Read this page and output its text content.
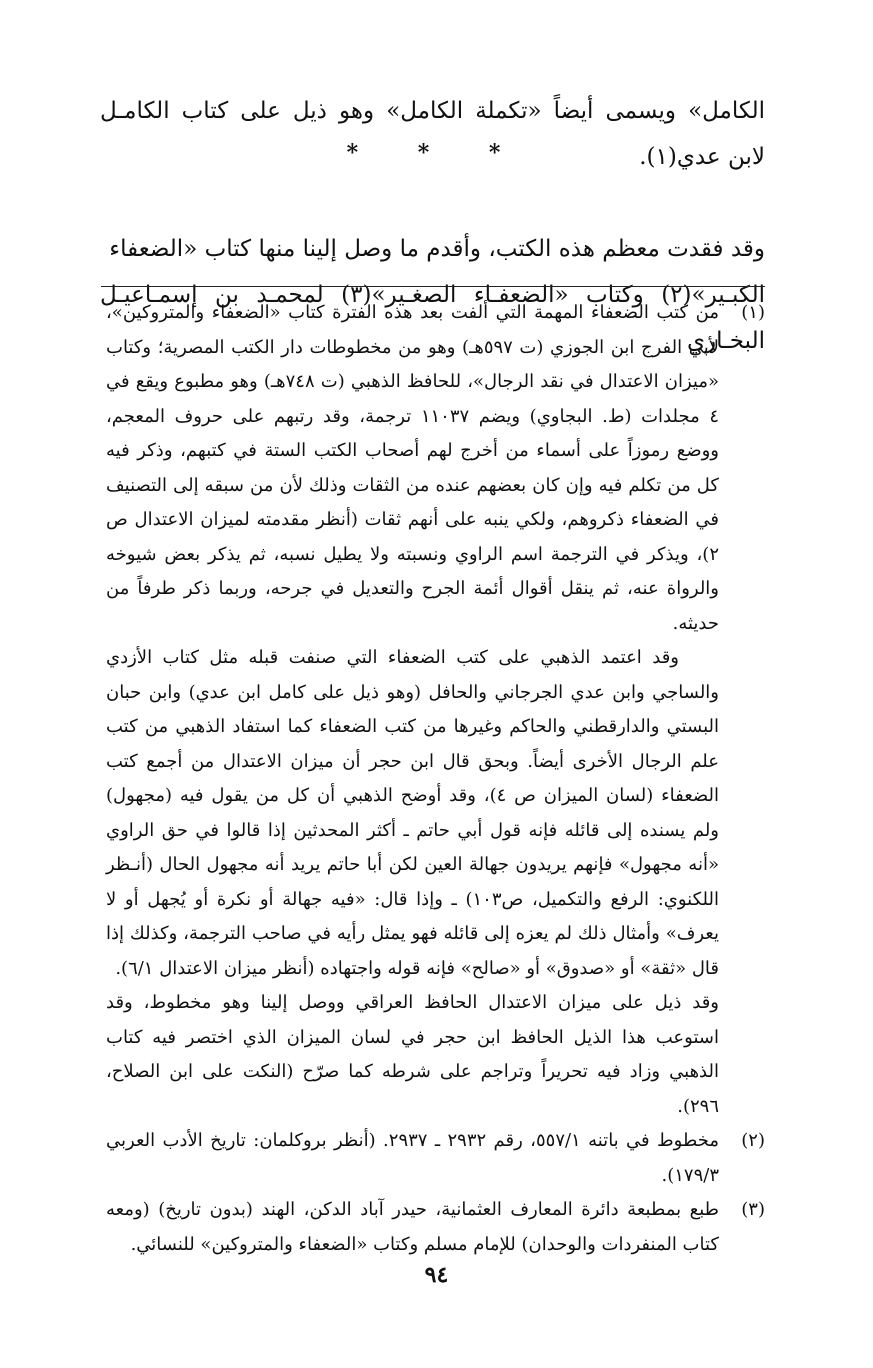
الكامل» ويسمى أيضاً «تكملة الكامل» وهو ذيل على كتاب الكامـل لابن عدي(١).

وقد فقدت معظم هذه الكتب، وأقدم ما وصل إلينا منها كتاب «الضعفاء

الكبـير»(٢) وكتاب «الضعفـاء الصغـير»(٣) لمحمـد بن إسمـاعيـل البخـاري

* * *
(١)

من كتب الضعفاء المهمة التي ألفت بعد هذه الفترة كتاب «الضعفاء والمتروكين»، لأبي الفرج ابن الجوزي (ت ٥٩٧هـ) وهو من مخطوطات دار الكتب المصرية؛ وكتاب «ميزان الاعتدال في نقد الرجال»، للحافظ الذهبي (ت ٧٤٨هـ) وهو مطبوع ويقع في ٤ مجلدات (ط. البجاوي) ويضم ١١٠٣٧ ترجمة، وقد رتبهم على حروف المعجم، ووضع رموزاً على أسماء من أخرج لهم أصحاب الكتب الستة في كتبهم، وذكر فيه كل من تكلم فيه وإن كان بعضهم عنده من الثقات وذلك لأن من سبقه إلى التصنيف في الضعفاء ذكروهم، ولكي ينبه على أنهم ثقات (أنظر مقدمته لميزان الاعتدال ص ٢)، ويذكر في الترجمة اسم الراوي ونسبته ولا يطيل نسبه، ثم يذكر بعض شيوخه والرواة عنه، ثم ينقل أقوال أئمة الجرح والتعديل في جرحه، وربما ذكر طرفاً من حديثه.

وقد اعتمد الذهبي على كتب الضعفاء التي صنفت قبله مثل كتاب الأزدي والساجي وابن عدي الجرجاني والحافل (وهو ذيل على كامل ابن عدي) وابن حبان البستي والدارقطني والحاكم وغيرها من كتب الضعفاء كما استفاد الذهبي من كتب علم الرجال الأخرى أيضاً. وبحق قال ابن حجر أن ميزان الاعتدال من أجمع كتب الضعفاء (لسان الميزان ص ٤)، وقد أوضح الذهبي أن كل من يقول فيه (مجهول) ولم يسنده إلى قائله فإنه قول أبي حاتم ـ أكثر المحدثين إذا قالوا في حق الراوي «أنه مجهول» فإنهم يريدون جهالة العين لكن أبا حاتم يريد أنه مجهول الحال (أنـظر اللكنوي: الرفع والتكميل، ص١٠٣) ـ وإذا قال: «فيه جهالة أو نكرة أو يُجهل أو لا يعرف» وأمثال ذلك لم يعزه إلى قائله فهو يمثل رأيه في صاحب الترجمة، وكذلك إذا قال «ثقة» أو «صدوق» أو «صالح» فإنه قوله واجتهاده (أنظر ميزان الاعتدال ٦/١).

وقد ذيل على ميزان الاعتدال الحافظ العراقي ووصل إلينا وهو مخطوط، وقد استوعب هذا الذيل الحافظ ابن حجر في لسان الميزان الذي اختصر فيه كتاب الذهبي وزاد فيه تحريراً وتراجم على شرطه كما صرّح (النكت على ابن الصلاح، ٢٩٦).

(٢)

مخطوط في باتنه ٥٥٧/١، رقم ٢٩٣٢ ـ ٢٩٣٧. (أنظر بروكلمان: تاريخ الأدب العربي ١٧٩/٣).

(٣)

طبع بمطبعة دائرة المعارف العثمانية، حيدر آباد الدكن، الهند (بدون تاريخ) (ومعه كتاب المنفردات والوحدان) للإمام مسلم وكتاب «الضعفاء والمتروكين» للنسائي.

٩٤
